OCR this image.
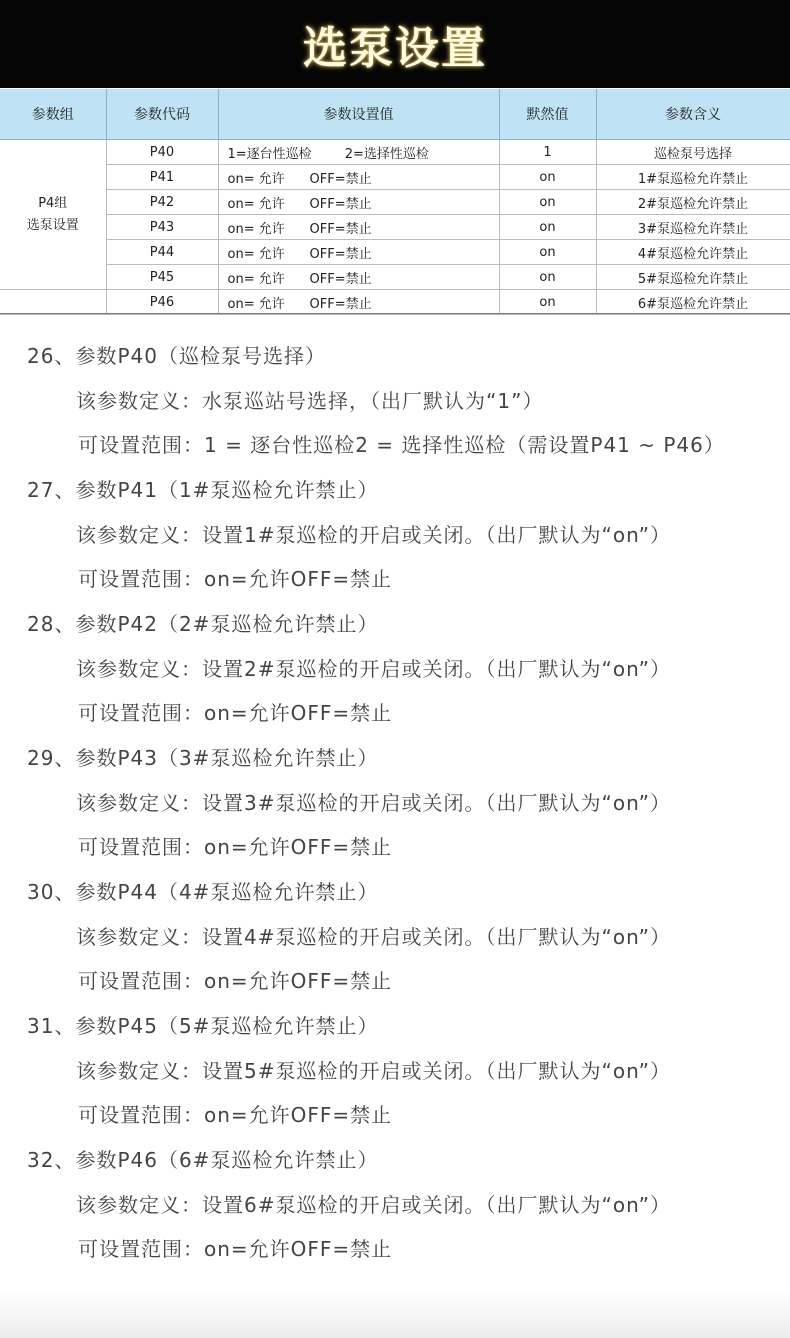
选泵设置
参数组	参数代码	参数设置值	默然值	参数含义

P4组
选泵设置	P40	1=逐台性巡检        2=选择性巡检	1	巡检泵号选择
	P41	on= 允许      OFF=禁止	on	1#泵巡检允许禁止
	P42	on= 允许      OFF=禁止	on	2#泵巡检允许禁止
	P43	on= 允许      OFF=禁止	on	3#泵巡检允许禁止
	P44	on= 允许      OFF=禁止	on	4#泵巡检允许禁止
	P45	on= 允许      OFF=禁止	on	5#泵巡检允许禁止
	P46	on= 允许      OFF=禁止	on	6#泵巡检允许禁止
26、参数P40（巡检泵号选择）
该参数定义：水泵巡站号选择，（出厂默认为“1”）
可设置范围：1 = 逐台性巡检2 = 选择性巡检（需设置P41 ~ P46）
27、参数P41（1#泵巡检允许禁止）
该参数定义：设置1#泵巡检的开启或关闭。（出厂默认为“on”）
可设置范围：on=允许OFF=禁止
28、参数P42（2#泵巡检允许禁止）
该参数定义：设置2#泵巡检的开启或关闭。（出厂默认为“on”）
可设置范围：on=允许OFF=禁止
29、参数P43（3#泵巡检允许禁止）
该参数定义：设置3#泵巡检的开启或关闭。（出厂默认为“on”）
可设置范围：on=允许OFF=禁止
30、参数P44（4#泵巡检允许禁止）
该参数定义：设置4#泵巡检的开启或关闭。（出厂默认为“on”）
可设置范围：on=允许OFF=禁止
31、参数P45（5#泵巡检允许禁止）
该参数定义：设置5#泵巡检的开启或关闭。（出厂默认为“on”）
可设置范围：on=允许OFF=禁止
32、参数P46（6#泵巡检允许禁止）
该参数定义：设置6#泵巡检的开启或关闭。（出厂默认为“on”）
可设置范围：on=允许OFF=禁止
